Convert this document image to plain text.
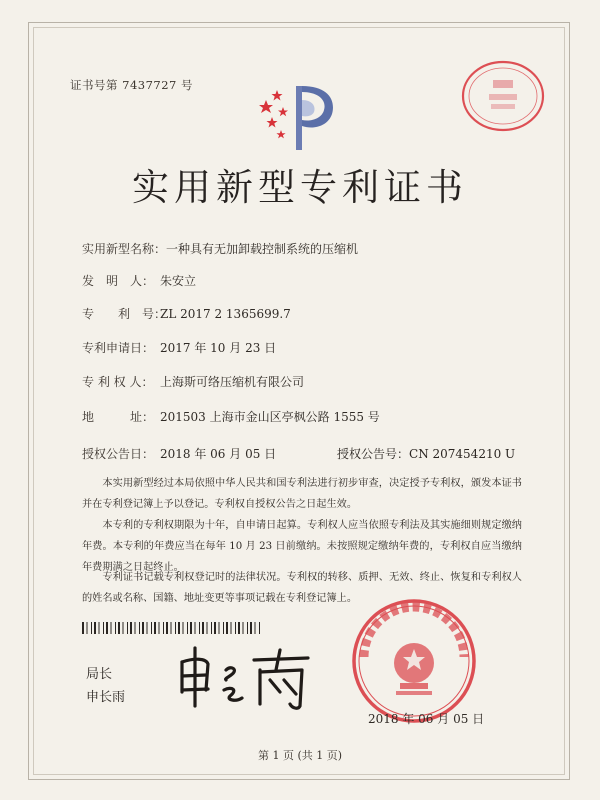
证书号第 7437727 号
实用新型专利证书
实用新型名称：一种具有无加卸载控制系统的压缩机
发　明　人： 朱安立
专　　利　号：ZL 2017 2 1365699.7
专利申请日： 2017 年 10 月 23 日
专 利 权 人： 上海斯可络压缩机有限公司
地　　　址： 201503 上海市金山区亭枫公路 1555 号
授权公告日： 2018 年 06 月 05 日	授权公告号：CN 207454210 U

本实用新型经过本局依照中华人民共和国专利法进行初步审查，决定授予专利权，颁发本证书并在专利登记簿上予以登记。专利权自授权公告之日起生效。

本专利的专利权期限为十年，自申请日起算。专利权人应当依照专利法及其实施细则规定缴纳年费。本专利的年费应当在每年 10 月 23 日前缴纳。未按照规定缴纳年费的，专利权自应当缴纳年费期满之日起终止。

专利证书记载专利权登记时的法律状况。专利权的转移、质押、无效、终止、恢复和专利权人的姓名或名称、国籍、地址变更等事项记载在专利登记簿上。

局长
申长雨
2018 年 06 月 05 日
第 1 页 (共 1 页)
